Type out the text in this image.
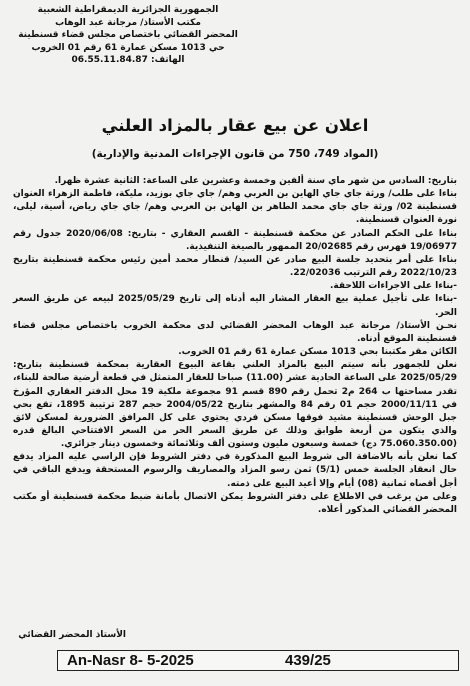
الجمهورية الجزائرية الديمقراطية الشعبية
مكتب الأستاذ/ مرجانة عبد الوهاب
المحضر القضائي باختصاص مجلس قضاء قسنطينة
حي 1013 مسكن عمارة 61 رقم 01 الخروب
الهاتف: 06.55.11.84.87
اعلان عن بيع عقار بالمزاد العلني
(المواد 749، 750 من قانون الإجراءات المدنية والإدارية)

بتاريخ: السادس من شهر ماي سنة ألفين وخمسة وعشرين على الساعة: الثانية عشرة ظهرا.

بناءا على طلب/ ورثة جاي جاي الهاين بن العربي وهم/ جاي جاي بوزيد، مليكة، فاطمة الزهراء العنوان قسنطينة 02/ ورثة جاي جاي محمد الطاهر بن الهاين بن العربي وهم/ جاي جاي رياض، أسية، ليلى، نورة العنوان قسنطينة.

بناءا على الحكم الصادر عن محكمة قسنطينة - القسم العقاري - بتاريخ: 2020/06/08 جدول رقم 19/06977 فهرس رقم 20/02685 الممهور بالصيغة التنفيذية.

بناءا على أمر بتحديد جلسة البيع صادر عن السيد/ قنطار محمد أمين رئيس محكمة قسنطينة بتاريخ 2022/10/23 رقم الترتيب 22/02036.

-بناءا على الاجراءات اللاحقة.

-بناءا على تأجيل عملية بيع العقار المشار اليه أدناه إلى تاريخ 2025/05/29 لبيعه عن طريق السعر الحر.

نحـن الأستاذ/ مرجانة عبد الوهاب المحضر القضائي لدى محكمة الخروب باختصاص مجلس قضاء قسنطينة الموقع أدناه.

الكائن مقر مكتبنا بحي 1013 مسكن عمارة 61 رقم 01 الخروب.

نعلن للجمهور بأنه سيتم البيع بالمزاد العلني بقاعة البيوع العقارية بمحكمة قسنطينة بتاريخ: 2025/05/29 على الساعة الحادية عشر (11.00) صباحا للعقار المتمثل في قطعة أرضية صالحة للبناء، تقدر مساحتها ب 264 م2 تحمل رقم 890 قسم 91 مجموعة ملكية 19 محل الدفتر العقاري المؤرخ في 2000/11/11 حجم 01 رقم 84 والمشهر بتاريخ 2004/05/22 حجم 287 ترتيبة 1895، تقع بحي جبل الوحش قسنطينة مشيد فوقها مسكن فردي يحتوي على كل المرافق الضرورية لمسكن لائق والذي يتكون من أربعة طوابق وذلك عن طريق السعر الحر من السعر الافتتاحي البالغ قدره (75.060.350.00 دج) خمسة وسبعون مليون وستون ألف وثلاثمائة وخمسون دينار جزائري.

كما نعلن بأنه بالاضافة الى شروط البيع المذكورة في دفتر الشروط فإن الراسي عليه المزاد يدفع حال انعقاد الجلسة خمس (5/1) ثمن رسو المزاد والمصاريف والرسوم المستحقة ويدفع الباقي في أجل أقصاه ثمانية (08) أيام وإلا أعيد البيع على ذمته.

وعلى من يرغب في الاطلاع على دفتر الشروط يمكن الاتصال بأمانة ضبط محكمة قسنطينة أو مكتب المحضر القضائي المذكور أعلاه.

الأستاذ المحضر القضائي
An-Nasr 8- 5-2025	439/25
